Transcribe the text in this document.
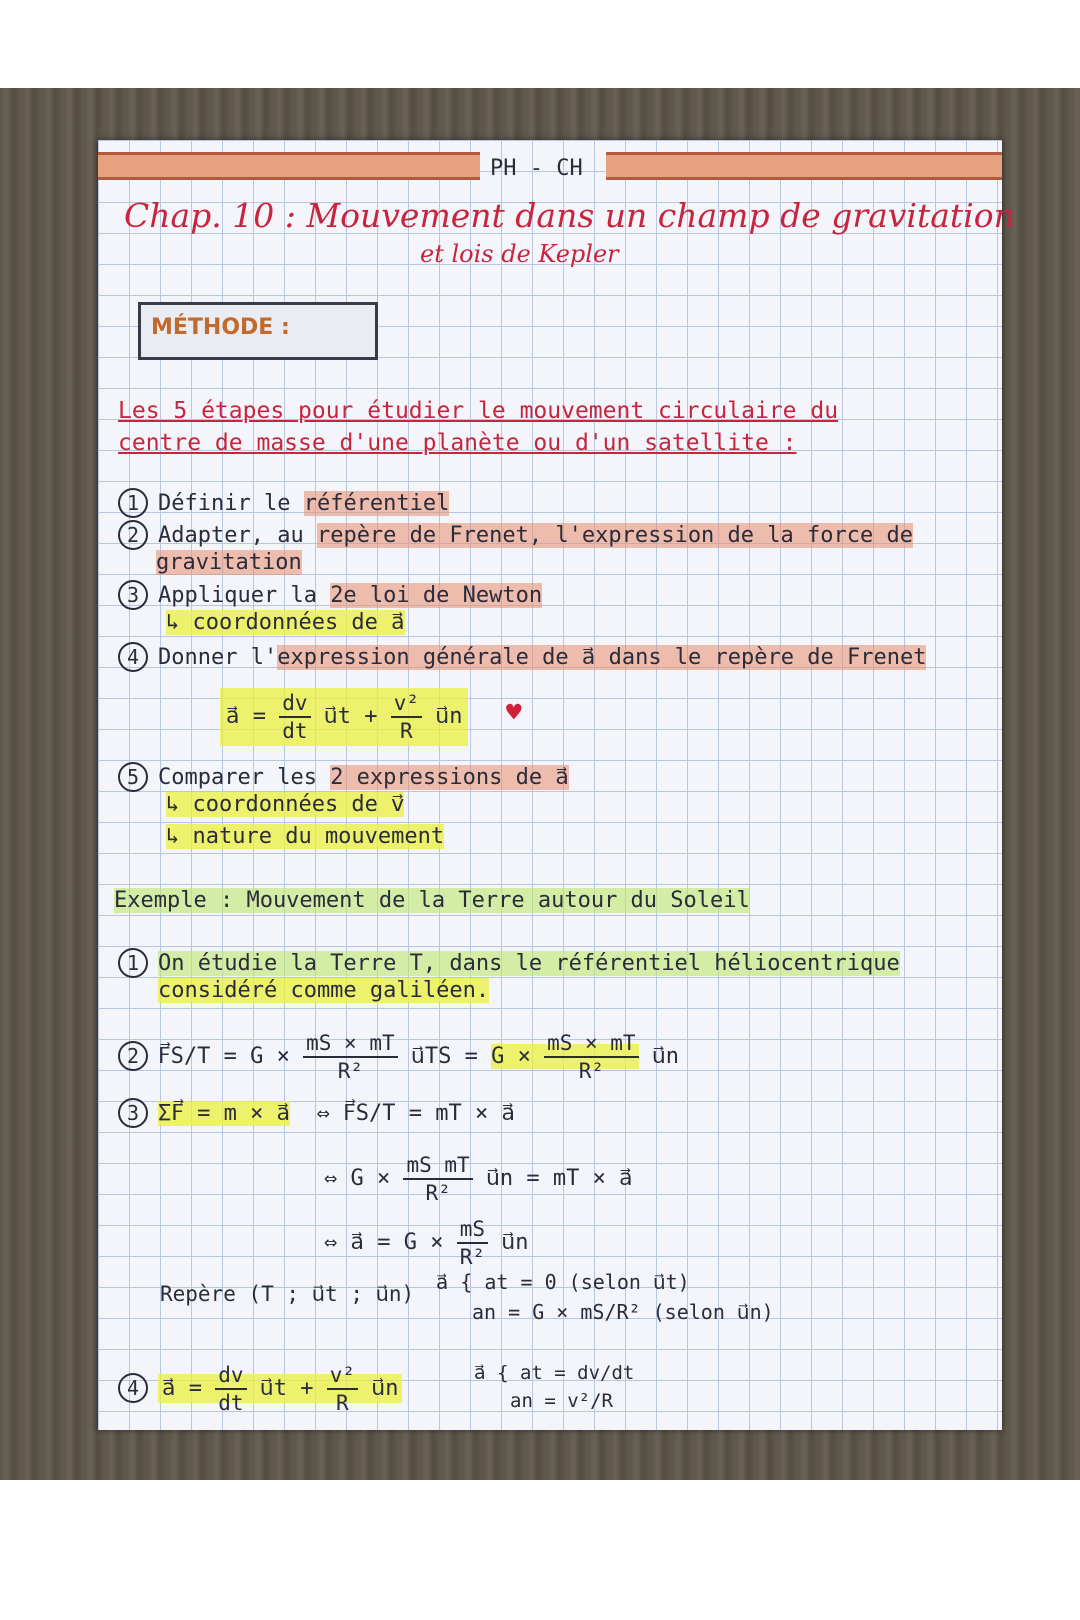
PH - CH
Chap. 10 : Mouvement dans un champ de gravitation
et lois de Kepler
MÉTHODE :
Les 5 étapes pour étudier le mouvement circulaire du
centre de masse d'une planète ou d'un satellite :
1 Définir le référentiel
2 Adapter, au repère de Frenet, l'expression de la force de
gravitation
3 Appliquer la 2e loi de Newton
↳ coordonnées de a⃗
4 Donner l'expression générale de a⃗ dans le repère de Frenet
a⃗ = $\frac{dv}{dt}$ u⃗t + $\frac{\text{v²}}{R}$ u⃗n ♥
5 Comparer les 2 expressions de a⃗
↳ coordonnées de v⃗
↳ nature du mouvement
Exemple : Mouvement de la Terre autour du Soleil
1 On étudie la Terre T, dans le référentiel héliocentrique
considéré comme galiléen.
2 F⃗S/T = $G \times \frac{mS \times mT}{\text{R²}}$ u⃗TS = $G \times \frac{mS \times mT}{\text{R²}}$ u⃗n
3 ΣF⃗ = m × a⃗ ⇔ F⃗S/T = mT × a⃗
⇔ $G \times \frac{\text{mS mT}}{\text{R²}}$ u⃗n = mT × a⃗
⇔ a⃗ = $G \times \frac{mS}{\text{R²}}$ u⃗n
Repère (T ; u⃗t ; u⃗n) a⃗ { at = 0 (selon u⃗t)
an = G × mS/R² (selon u⃗n)
4 a⃗ = $\frac{dv}{dt}$ u⃗t + $\frac{\text{v²}}{R}$ u⃗n
a⃗ { at = dv/dt
an = v²/R
